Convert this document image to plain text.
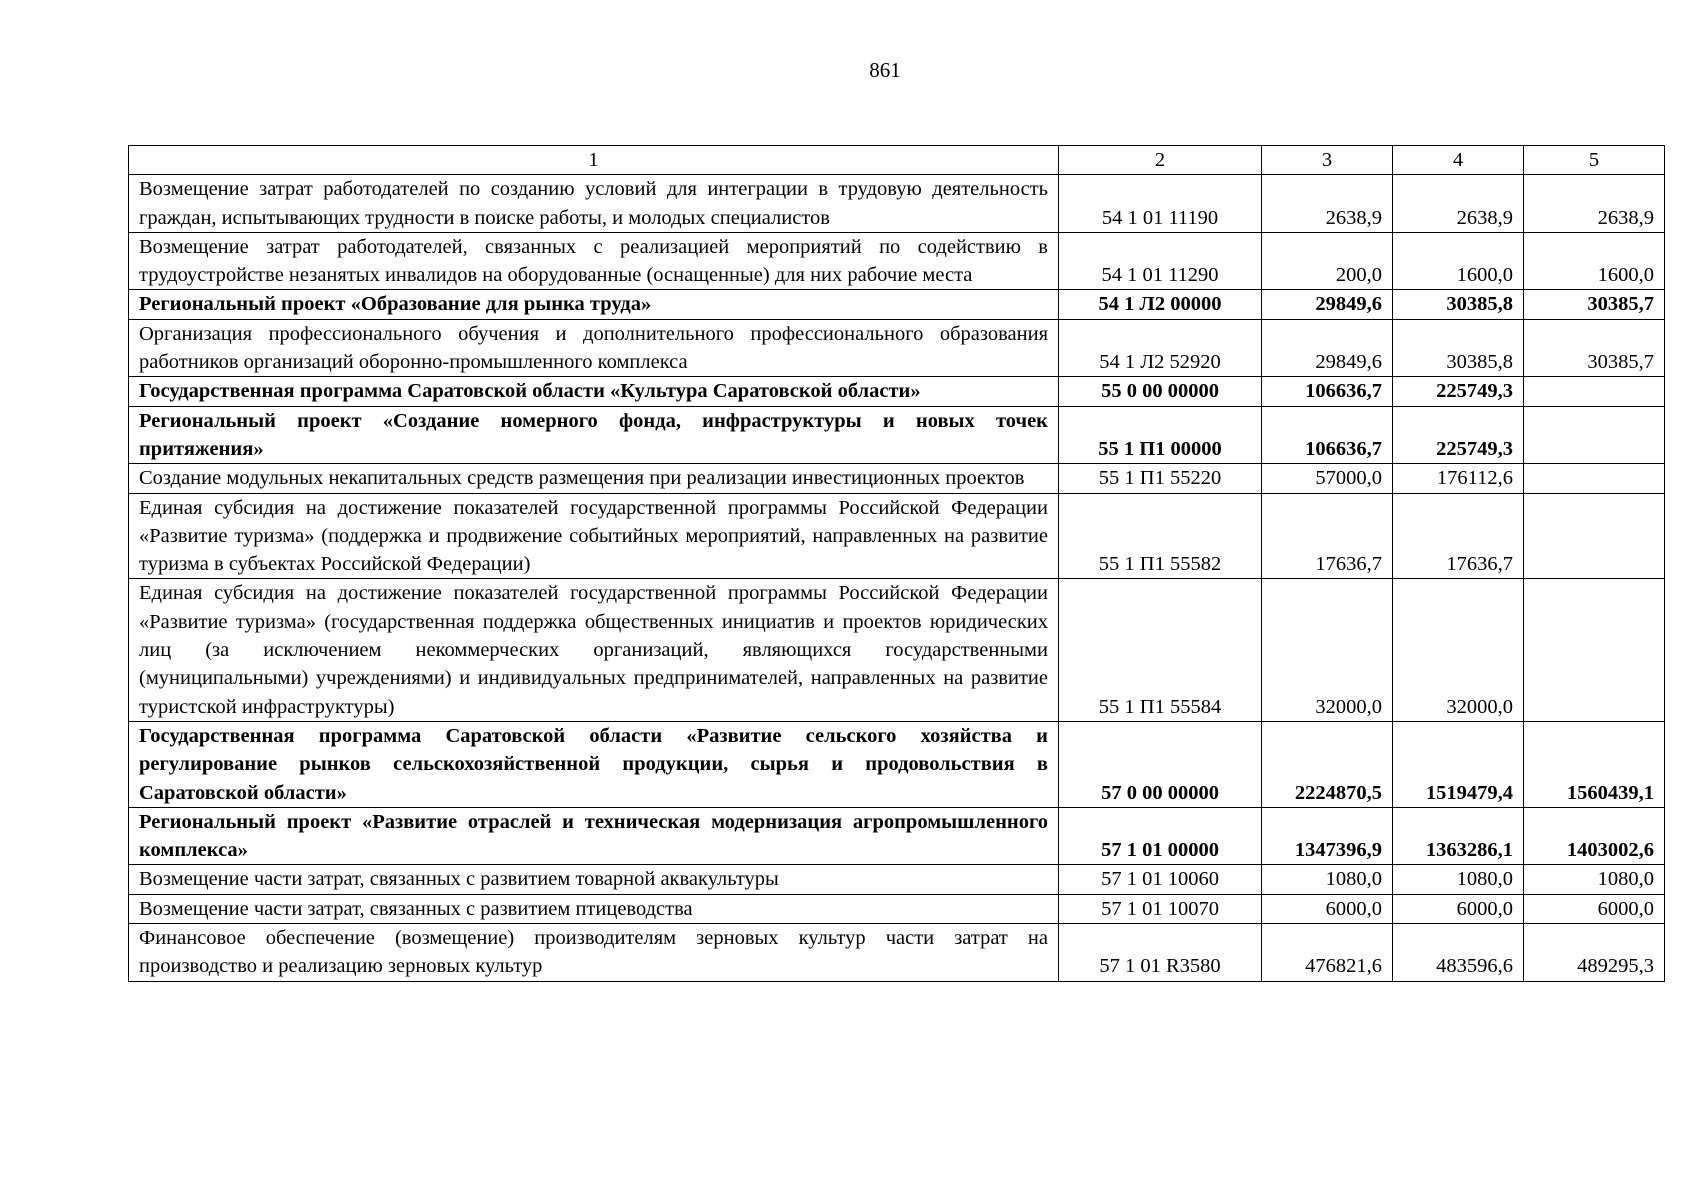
861
1	2	3	4	5
Возмещение затрат работодателей по созданию условий для интеграции в трудовую деятельность граждан, испытывающих трудности в поиске работы, и молодых специалистов	54 1 01 11190	2638,9	2638,9	2638,9
Возмещение затрат работодателей, связанных с реализацией мероприятий по содействию в трудоустройстве незанятых инвалидов на оборудованные (оснащенные) для них рабочие места	54 1 01 11290	200,0	1600,0	1600,0
Региональный проект «Образование для рынка труда»	54 1 Л2 00000	29849,6	30385,8	30385,7
Организация профессионального обучения и дополнительного профессионального образования работников организаций оборонно-промышленного комплекса	54 1 Л2 52920	29849,6	30385,8	30385,7
Государственная программа Саратовской области «Культура Саратовской области»	55 0 00 00000	106636,7	225749,3	
Региональный проект «Создание номерного фонда, инфраструктуры и новых точек притяжения»	55 1 П1 00000	106636,7	225749,3	
Создание модульных некапитальных средств размещения при реализации инвестиционных проектов	55 1 П1 55220	57000,0	176112,6	
Единая субсидия на достижение показателей государственной программы Российской Федерации «Развитие туризма» (поддержка и продвижение событийных мероприятий, направленных на развитие туризма в субъектах Российской Федерации)	55 1 П1 55582	17636,7	17636,7	
Единая субсидия на достижение показателей государственной программы Российской Федерации «Развитие туризма» (государственная поддержка общественных инициатив и проектов юридических лиц (за исключением некоммерческих организаций, являющихся государственными (муниципальными) учреждениями) и индивидуальных предпринимателей, направленных на развитие туристской инфраструктуры)	55 1 П1 55584	32000,0	32000,0	
Государственная программа Саратовской области «Развитие сельского хозяйства и регулирование рынков сельскохозяйственной продукции, сырья и продовольствия в Саратовской области»	57 0 00 00000	2224870,5	1519479,4	1560439,1
Региональный проект «Развитие отраслей и техническая модернизация агропромышленного комплекса»	57 1 01 00000	1347396,9	1363286,1	1403002,6
Возмещение части затрат, связанных с развитием товарной аквакультуры	57 1 01 10060	1080,0	1080,0	1080,0
Возмещение части затрат, связанных с развитием птицеводства	57 1 01 10070	6000,0	6000,0	6000,0
Финансовое обеспечение (возмещение) производителям зерновых культур части затрат на производство и реализацию зерновых культур	57 1 01 R3580	476821,6	483596,6	489295,3
